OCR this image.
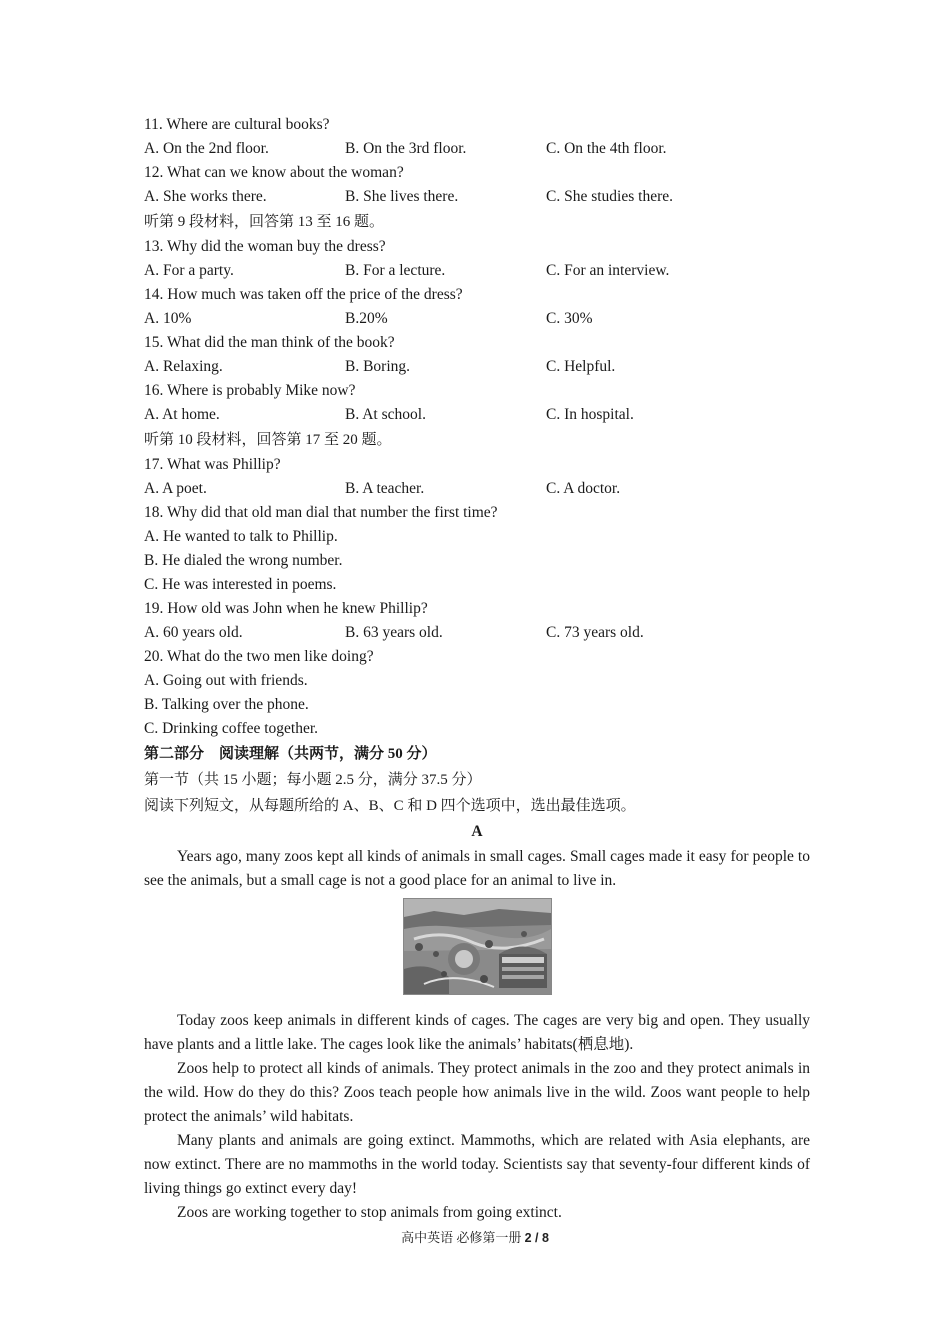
11. Where are cultural books?
A. On the 2nd floor.	B. On the 3rd floor.	C. On the 4th floor.
12. What can we know about the woman?
A. She works there.	B. She lives there.	C. She studies there.
听第 9 段材料，回答第 13 至 16 题。
13. Why did the woman buy the dress?
A. For a party.	B. For a lecture.	C. For an interview.
14. How much was taken off the price of the dress?
A. 10%	B.20%	C. 30%
15. What did the man think of the book?
A. Relaxing.	B. Boring.	C. Helpful.
16. Where is probably Mike now?
A. At home.	B. At school.	C. In hospital.
听第 10 段材料，回答第 17 至 20 题。
17. What was Phillip?
A. A poet.	B. A teacher.	C. A doctor.
18. Why did that old man dial that number the first time?
A. He wanted to talk to Phillip.
B. He dialed the wrong number.
C. He was interested in poems.
19. How old was John when he knew Phillip?
A. 60 years old.	B. 63 years old.	C. 73 years old.
20. What do the two men like doing?
A. Going out with friends.
B. Talking over the phone.
C. Drinking coffee together.
第二部分　阅读理解（共两节，满分 50 分）
第一节（共 15 小题；每小题 2.5 分，满分 37.5 分）
阅读下列短文，从每题所给的 A、B、C 和 D 四个选项中，选出最佳选项。
A

Years ago, many zoos kept all kinds of animals in small cages. Small cages made it easy for people to see the animals, but a small cage is not a good place for an animal to live in.

Today zoos keep animals in different kinds of cages. The cages are very big and open. They usually have plants and a little lake. The cages look like the animals’ habitats(栖息地).

Zoos help to protect all kinds of animals. They protect animals in the zoo and they protect animals in the wild. How do they do this? Zoos teach people how animals live in the wild. Zoos want people to help protect the animals’ wild habitats.

Many plants and animals are going extinct. Mammoths, which are related with Asia elephants, are now extinct. There are no mammoths in the world today. Scientists say that seventy-four different kinds of living things go extinct every day!

Zoos are working together to stop animals from going extinct.

高中英语 必修第一册 2 / 8
